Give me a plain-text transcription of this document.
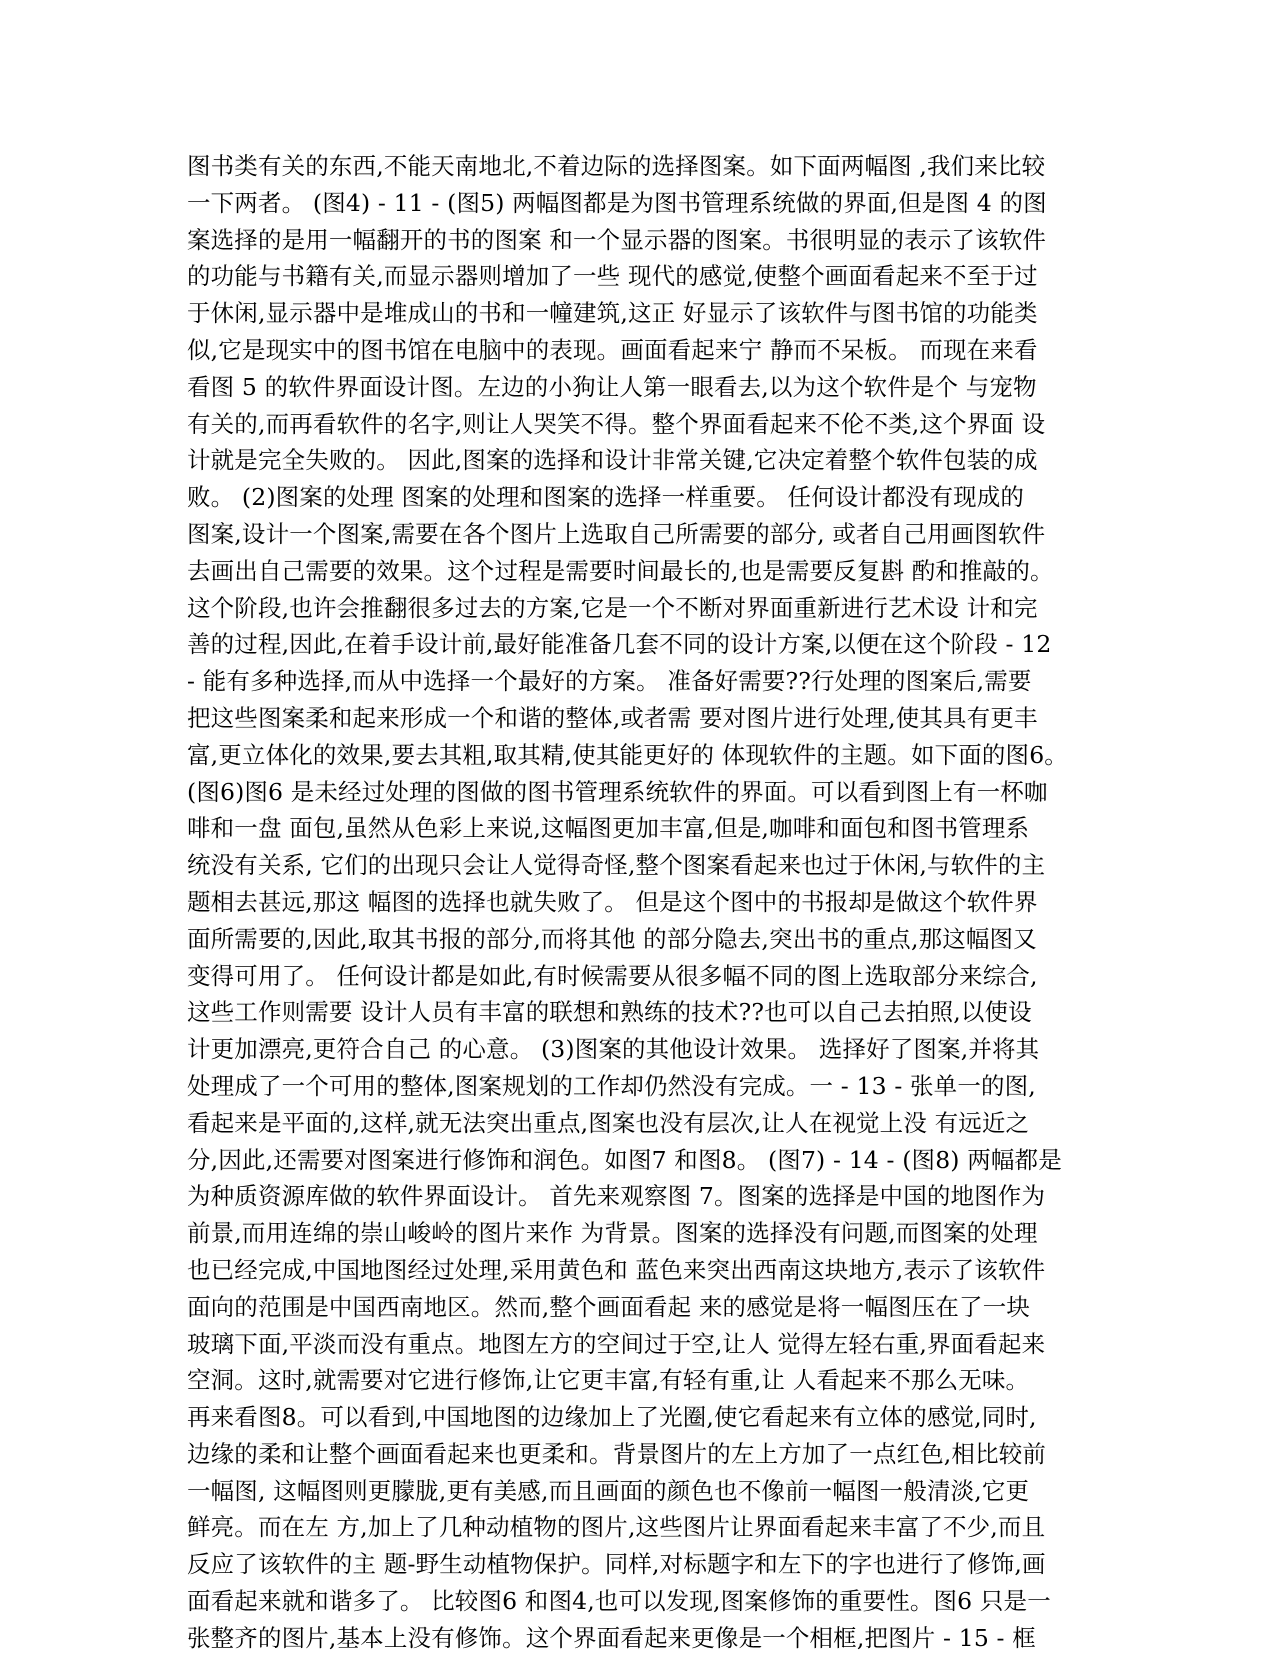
图书类有关的东西,不能天南地北,不着边际的选择图案。如下面两幅图 ,我们来比较
一下两者。 (图4) - 11 - (图5) 两幅图都是为图书管理系统做的界面,但是图 4 的图
案选择的是用一幅翻开的书的图案 和一个显示器的图案。书很明显的表示了该软件
的功能与书籍有关,而显示器则增加了一些 现代的感觉,使整个画面看起来不至于过
于休闲,显示器中是堆成山的书和一幢建筑,这正 好显示了该软件与图书馆的功能类
似,它是现实中的图书馆在电脑中的表现。画面看起来宁 静而不呆板。 而现在来看
看图 5 的软件界面设计图。左边的小狗让人第一眼看去,以为这个软件是个 与宠物
有关的,而再看软件的名字,则让人哭笑不得。整个界面看起来不伦不类,这个界面 设
计就是完全失败的。 因此,图案的选择和设计非常关键,它决定着整个软件包装的成
败。 (2)图案的处理 图案的处理和图案的选择一样重要。 任何设计都没有现成的
图案,设计一个图案,需要在各个图片上选取自己所需要的部分, 或者自己用画图软件
去画出自己需要的效果。这个过程是需要时间最长的,也是需要反复斟 酌和推敲的。
这个阶段,也许会推翻很多过去的方案,它是一个不断对界面重新进行艺术设 计和完
善的过程,因此,在着手设计前,最好能准备几套不同的设计方案,以便在这个阶段 - 12
- 能有多种选择,而从中选择一个最好的方案。 准备好需要??行处理的图案后,需要
把这些图案柔和起来形成一个和谐的整体,或者需 要对图片进行处理,使其具有更丰
富,更立体化的效果,要去其粗,取其精,使其能更好的 体现软件的主题。如下面的图6。
(图6)图6 是未经过处理的图做的图书管理系统软件的界面。可以看到图上有一杯咖
啡和一盘 面包,虽然从色彩上来说,这幅图更加丰富,但是,咖啡和面包和图书管理系
统没有关系, 它们的出现只会让人觉得奇怪,整个图案看起来也过于休闲,与软件的主
题相去甚远,那这 幅图的选择也就失败了。 但是这个图中的书报却是做这个软件界
面所需要的,因此,取其书报的部分,而将其他 的部分隐去,突出书的重点,那这幅图又
变得可用了。 任何设计都是如此,有时候需要从很多幅不同的图上选取部分来综合,
这些工作则需要 设计人员有丰富的联想和熟练的技术??也可以自己去拍照,以使设
计更加漂亮,更符合自己 的心意。 (3)图案的其他设计效果。 选择好了图案,并将其
处理成了一个可用的整体,图案规划的工作却仍然没有完成。一 - 13 - 张单一的图,
看起来是平面的,这样,就无法突出重点,图案也没有层次,让人在视觉上没 有远近之
分,因此,还需要对图案进行修饰和润色。如图7 和图8。 (图7) - 14 - (图8) 两幅都是
为种质资源库做的软件界面设计。 首先来观察图 7。图案的选择是中国的地图作为
前景,而用连绵的崇山峻岭的图片来作 为背景。图案的选择没有问题,而图案的处理
也已经完成,中国地图经过处理,采用黄色和 蓝色来突出西南这块地方,表示了该软件
面向的范围是中国西南地区。然而,整个画面看起 来的感觉是将一幅图压在了一块
玻璃下面,平淡而没有重点。地图左方的空间过于空,让人 觉得左轻右重,界面看起来
空洞。这时,就需要对它进行修饰,让它更丰富,有轻有重,让 人看起来不那么无味。
再来看图8。可以看到,中国地图的边缘加上了光圈,使它看起来有立体的感觉,同时,
边缘的柔和让整个画面看起来也更柔和。背景图片的左上方加了一点红色,相比较前
一幅图, 这幅图则更朦胧,更有美感,而且画面的颜色也不像前一幅图一般清淡,它更
鲜亮。而在左 方,加上了几种动植物的图片,这些图片让界面看起来丰富了不少,而且
反应了该软件的主 题-野生动植物保护。同样,对标题字和左下的字也进行了修饰,画
面看起来就和谐多了。 比较图6 和图4,也可以发现,图案修饰的重要性。图6 只是一
张整齐的图片,基本上没有修饰。这个界面看起来更像是一个相框,把图片 - 15 - 框
